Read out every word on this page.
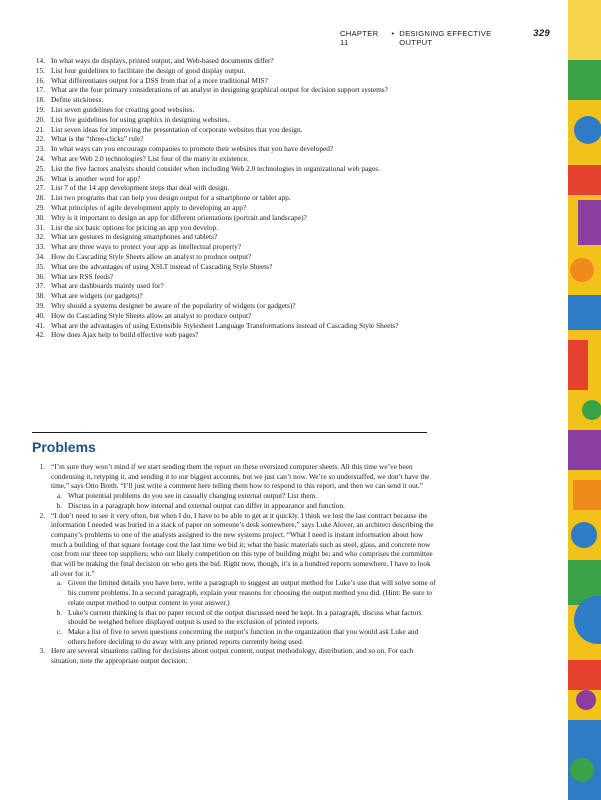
CHAPTER 11
• DESIGNING EFFECTIVE OUTPUT
329
14. In what ways do displays, printed output, and Web-based documents differ?
15. List four guidelines to facilitate the design of good display output.
16. What differentiates output for a DSS from that of a more traditional MIS?
17. What are the four primary considerations of an analyst in designing graphical output for decision support systems?
18. Define stickiness.
19. List seven guidelines for creating good websites.
20. List five guidelines for using graphics in designing websites.
21. List seven ideas for improving the presentation of corporate websites that you design.
22. What is the “three-clicks” rule?
23. In what ways can you encourage companies to promote their websites that you have developed?
24. What are Web 2.0 technologies? List four of the many in existence.
25. List the five factors analysts should consider when including Web 2.0 technologies in organizational web pages.
26. What is another word for app?
27. List 7 of the 14 app development steps that deal with design.
28. List two programs that can help you design output for a smartphone or tablet app.
29. What principles of agile development apply to developing an app?
30. Why is it important to design an app for different orientations (portrait and landscape)?
31. List the six basic options for pricing an app you develop.
32. What are gestures in designing smartphones and tablets?
33. What are three ways to protect your app as intellectual property?
34. How do Cascading Style Sheets allow an analyst to produce output?
35. What are the advantages of using XSLT instead of Cascading Style Sheets?
36. What are RSS feeds?
37. What are dashboards mainly used for?
38. What are widgets (or gadgets)?
39. Why should a systems designer be aware of the popularity of widgets (or gadgets)?
40. How do Cascading Style Sheets allow an analyst to produce output?
41. What are the advantages of using Extensible Stylesheet Language Transformations instead of Cascading Style Sheets?
42. How does Ajax help to build effective web pages?
Problems
1. “I’m sure they won’t mind if we start sending them the report on these oversized computer sheets. All this time we’ve been condensing it, retyping it, and sending it to our biggest accounts, but we just can’t now. We’re so understaffed, we don’t have the time,” says Otto Breth. “I’ll just write a comment here telling them how to respond to this report, and then we can send it out.”
a. What potential problems do you see in casually changing external output? List them.
b. Discuss in a paragraph how internal and external output can differ in appearance and function.
2. “I don’t need to see it very often, but when I do, I have to be able to get at it quickly. I think we lost the last contract because the information I needed was buried in a stack of paper on someone’s desk somewhere,” says Luke Alover, an architect describing the company’s problems to one of the analysts assigned to the new systems project. “What I need is instant information about how much a building of that square footage cost the last time we bid it; what the basic materials such as steel, glass, and concrete now cost from our three top suppliers; who our likely competition on this type of building might be; and who comprises the committee that will be making the final decision on who gets the bid. Right now, though, it’s in a hundred reports somewhere. I have to look all over for it.”
a. Given the limited details you have here, write a paragraph to suggest an output method for Luke’s use that will solve some of his current problems. In a second paragraph, explain your reasons for choosing the output method you did. (Hint: Be sure to relate output method to output content in your answer.)
b. Luke’s current thinking is that no paper record of the output discussed need be kept. In a paragraph, discuss what factors should be weighed before displayed output is used to the exclusion of printed reports.
c. Make a list of five to seven questions concerning the output’s function in the organization that you would ask Luke and others before deciding to do away with any printed reports currently being used.
3. Here are several situations calling for decisions about output content, output methodology, distribution, and so on. For each situation, note the appropriate output decision.
